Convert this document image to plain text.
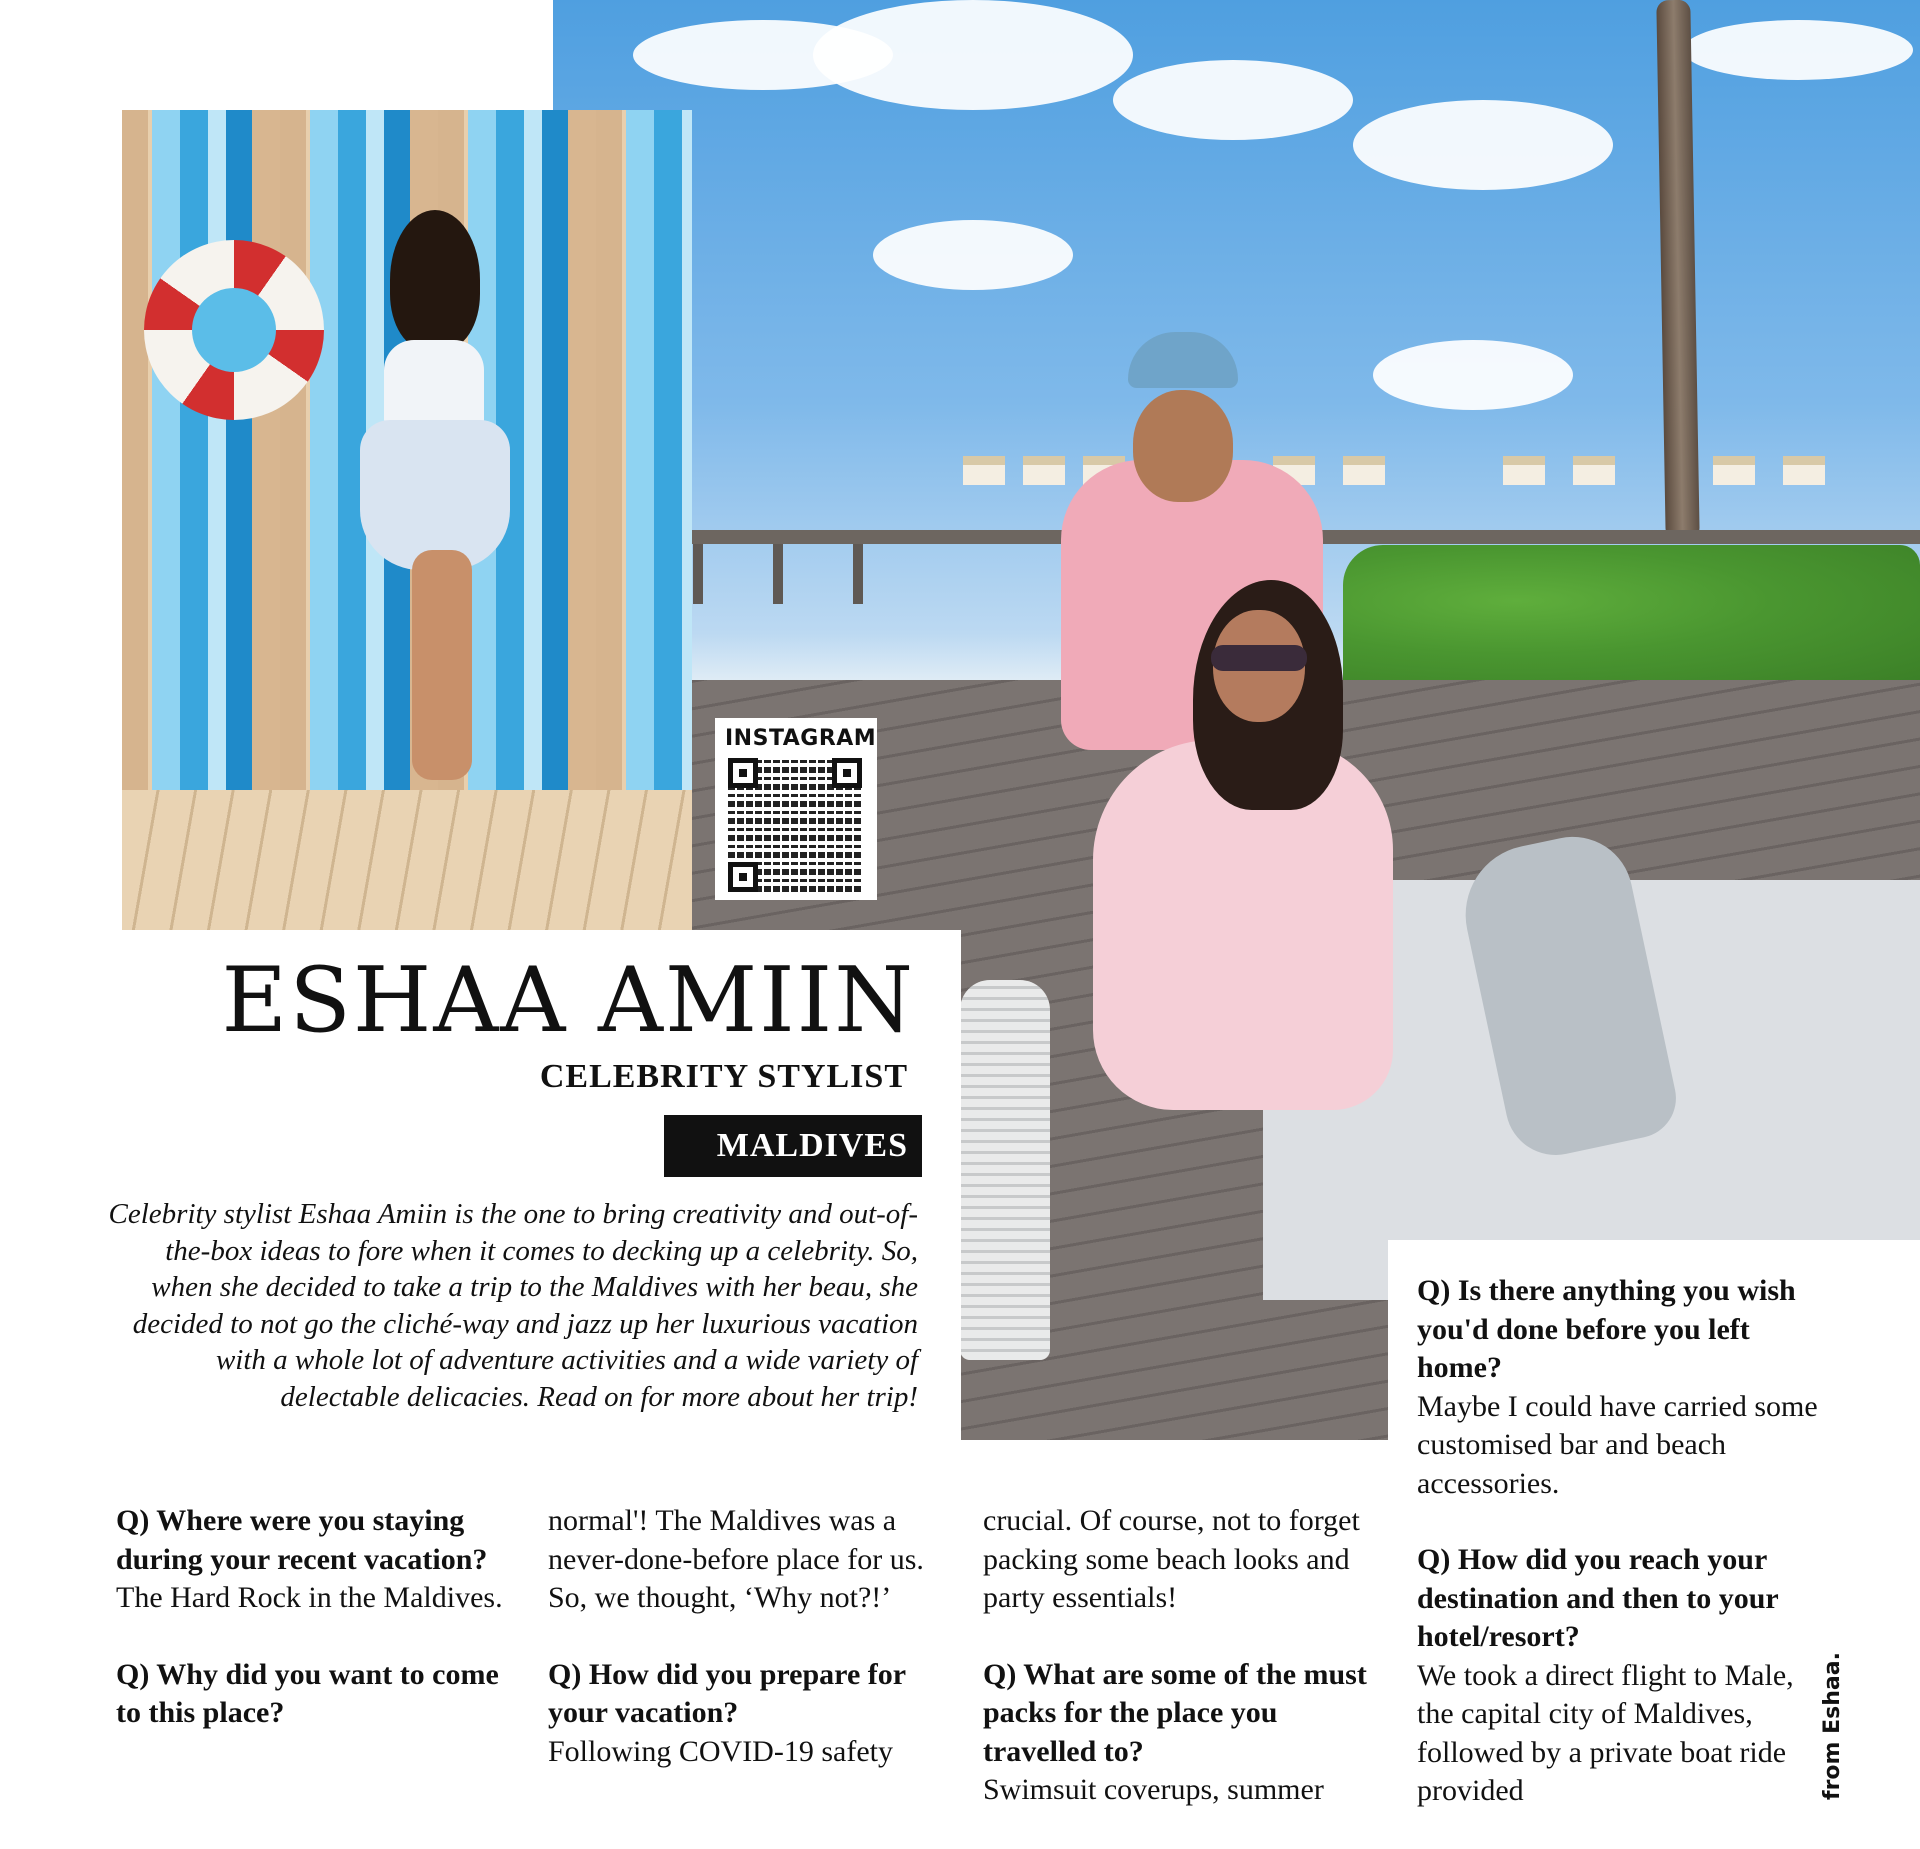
INSTAGRAM
ESHAA AMIIN
CELEBRITY STYLIST
MALDIVES

Celebrity stylist Eshaa Amiin is the one to bring creativity and out-of-the-box ideas to fore when it comes to decking up a celebrity. So, when she decided to take a trip to the Maldives with her beau, she decided to not go the cliché-way and jazz up her luxurious vacation with a whole lot of adventure activities and a wide variety of delectable delicacies. Read on for more about her trip!

Q) Where were you staying during your recent vacation?
The Hard Rock in the Maldives.

Q) Why did you want to come to this place?

normal'! The Maldives was a never-done-before place for us. So, we thought, ‘Why not?!’

Q) How did you prepare for your vacation?
Following COVID-19 safety

crucial. Of course, not to forget packing some beach looks and party essentials!

Q) What are some of the must packs for the place you travelled to?
Swimsuit coverups, summer

Q) Is there anything you wish you'd done before you left home?
Maybe I could have carried some customised bar and beach accessories.

Q) How did you reach your destination and then to your hotel/resort?
We took a direct flight to Male, the capital city of Maldives, followed by a private boat ride provided	from Eshaa.
